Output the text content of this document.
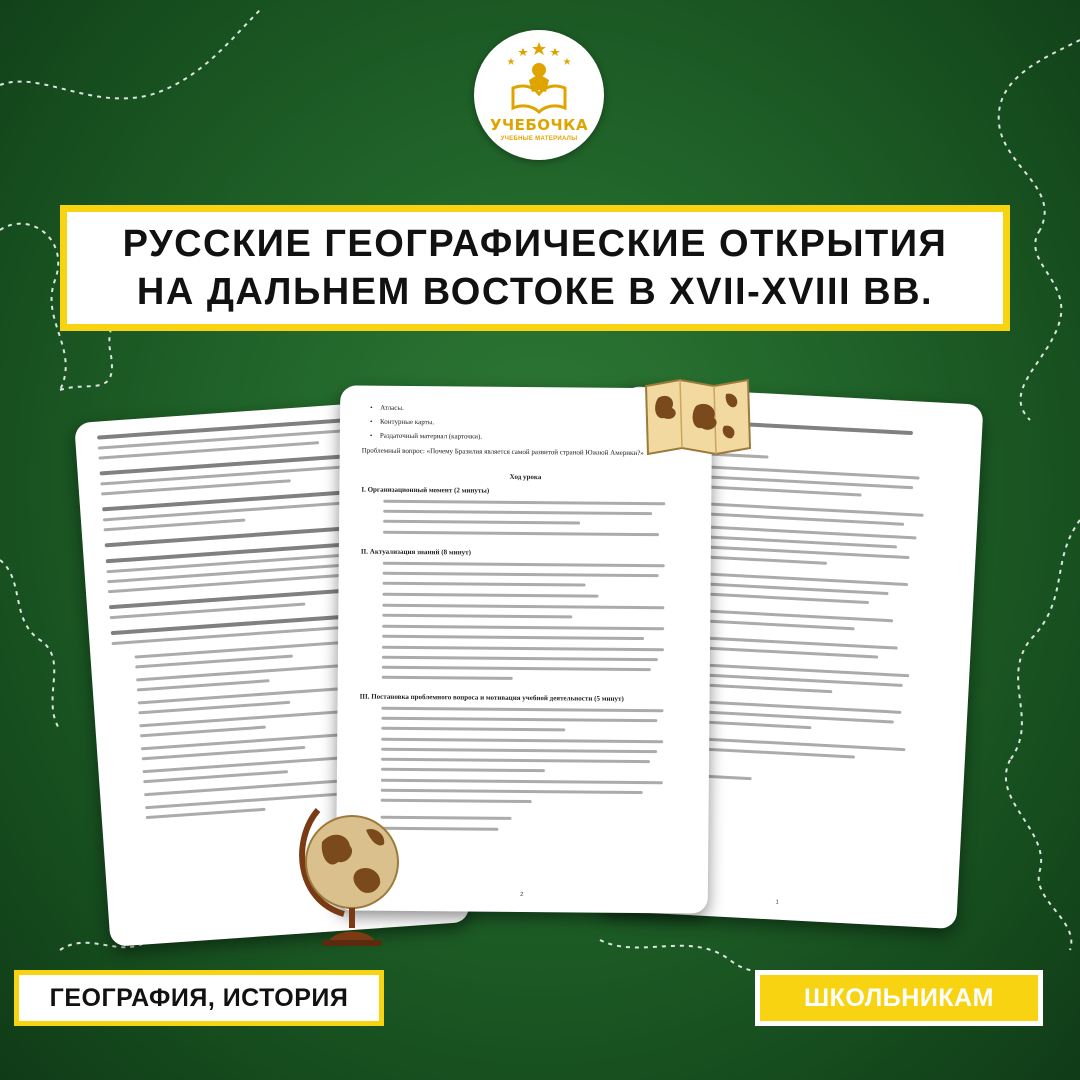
УЧЕБОЧКА
УЧЕБНЫЕ МАТЕРИАЛЫ
РУССКИЕ ГЕОГРАФИЧЕСКИЕ ОТКРЫТИЯ
НА ДАЛЬНЕМ ВОСТОКЕ В XVII-XVIII ВВ.
1
• Атласы.
• Контурные карты.
• Раздаточный материал (карточки).
Проблемный вопрос: «Почему Бразилия является самой развитой страной Южной Америки?»
Ход урока
I. Организационный момент (2 минуты)
II. Актуализация знаний (8 минут)
III. Постановка проблемного вопроса и мотивация учебной деятельности (5 минут)
2
ГЕОГРАФИЯ, ИСТОРИЯ	ШКОЛЬНИКАМ
